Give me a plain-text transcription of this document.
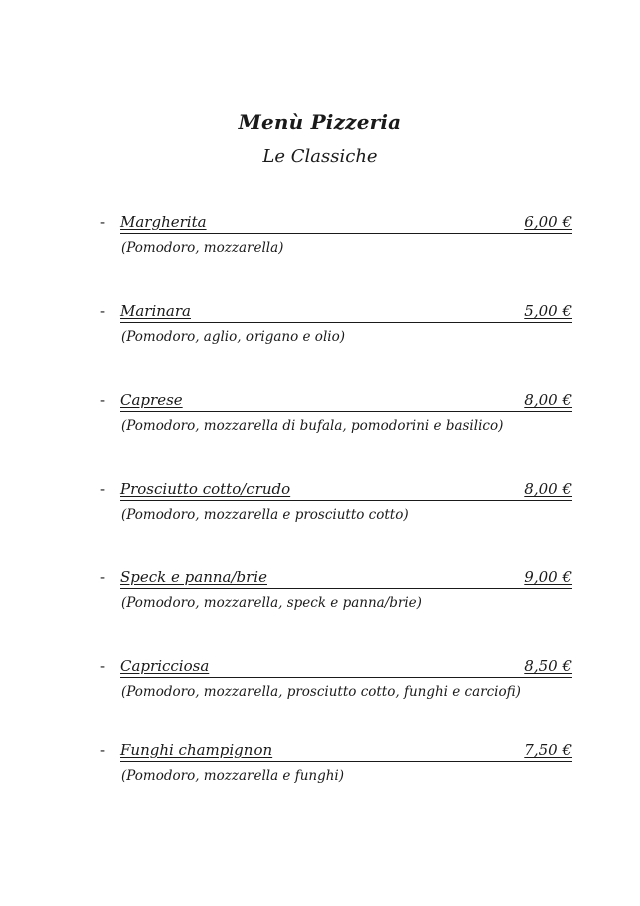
Menù Pizzeria
Le Classiche
- Margherita	6,00 €
(Pomodoro, mozzarella)
- Marinara	5,00 €
(Pomodoro, aglio, origano e olio)
- Caprese	8,00 €
(Pomodoro, mozzarella di bufala, pomodorini e basilico)
- Prosciutto cotto/crudo	8,00 €
(Pomodoro, mozzarella e prosciutto cotto)
- Speck e panna/brie	9,00 €
(Pomodoro, mozzarella, speck e panna/brie)
- Capricciosa	8,50 €
(Pomodoro, mozzarella, prosciutto cotto, funghi e carciofi)
- Funghi champignon	7,50 €
(Pomodoro, mozzarella e funghi)
